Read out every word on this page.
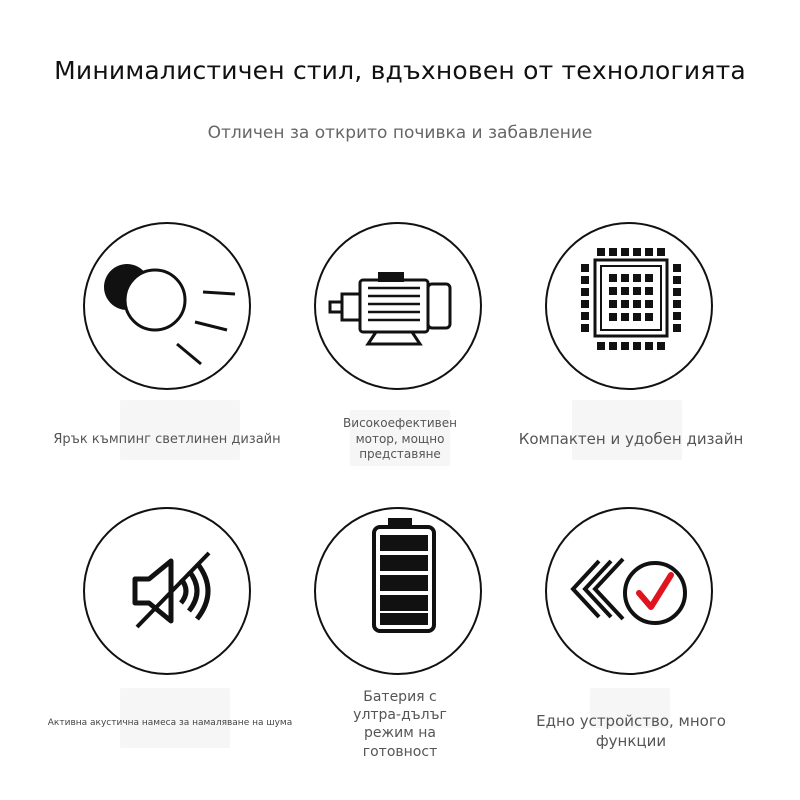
Минималистичен стил, вдъхновен от технологията
Отличен за открито почивка и забавление
Ярък къмпинг светлинен дизайн
Високоефективен мотор, мощно представяне
Компактен и удобен дизайн
Активна акустична намеса за намаляване на шума
Батерия с ултра-дълъг режим на готовност
Едно устройство, много функции
